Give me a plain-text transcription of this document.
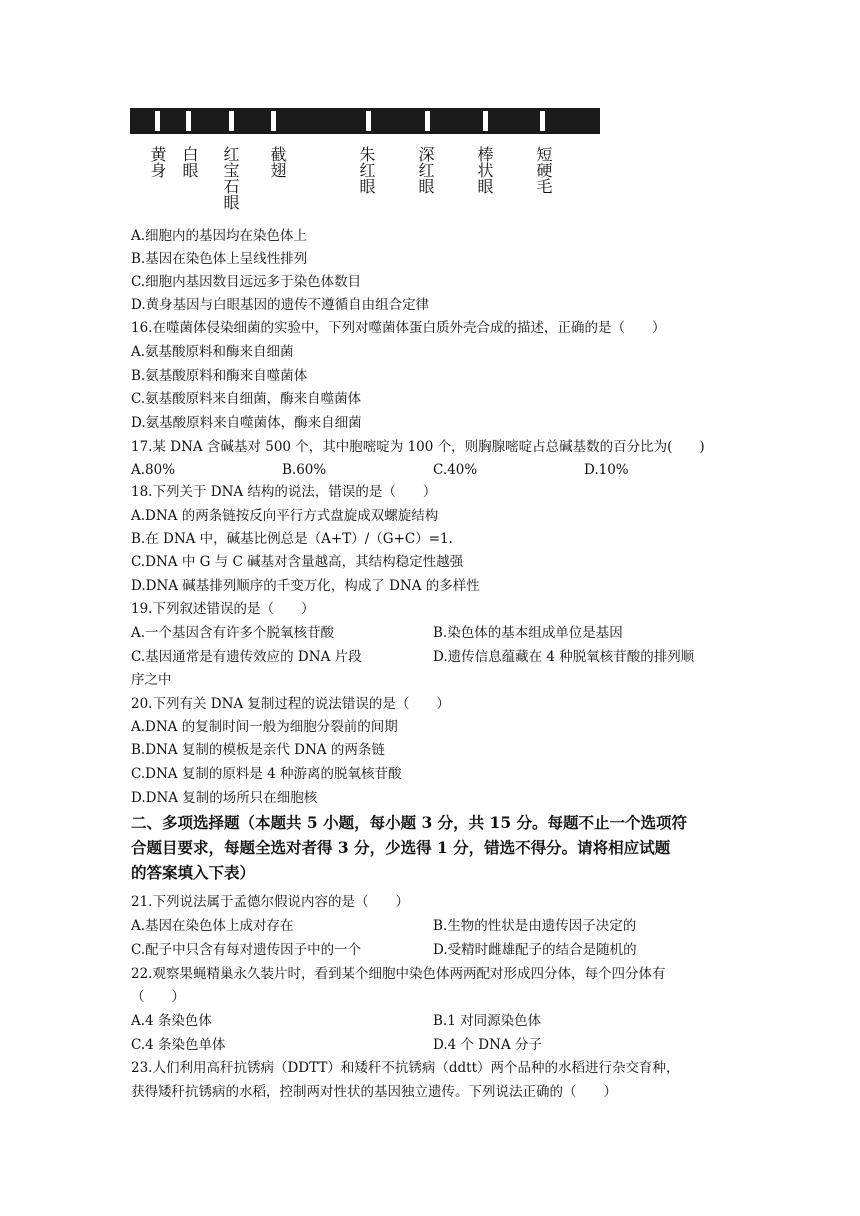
黄身 白眼 红宝石眼 截翅	朱红眼	深红眼	棒状眼	短硬毛
A.细胞内的基因均在染色体上
B.基因在染色体上呈线性排列
C.细胞内基因数目远远多于染色体数目
D.黄身基因与白眼基因的遗传不遵循自由组合定律
16.在噬菌体侵染细菌的实验中，下列对噬菌体蛋白质外壳合成的描述，正确的是（　　）
A.氨基酸原料和酶来自细菌
B.氨基酸原料和酶来自噬菌体
C.氨基酸原料来自细菌，酶来自噬菌体
D.氨基酸原料来自噬菌体，酶来自细菌
17.某 DNA 含碱基对 500 个，其中胞嘧啶为 100 个，则胸腺嘧啶占总碱基数的百分比为(　　)
A.80%	B.60%	C.40%	D.10%
18.下列关于 DNA 结构的说法，错误的是（　　）
A.DNA 的两条链按反向平行方式盘旋成双螺旋结构
B.在 DNA 中，碱基比例总是（A+T）/（G+C）=1.
C.DNA 中 G 与 C 碱基对含量越高，其结构稳定性越强
D.DNA 碱基排列顺序的千变万化，构成了 DNA 的多样性
19.下列叙述错误的是（　　）
A.一个基因含有许多个脱氧核苷酸	B.染色体的基本组成单位是基因
C.基因通常是有遗传效应的 DNA 片段	D.遗传信息蕴藏在 4 种脱氧核苷酸的排列顺
序之中
20.下列有关 DNA 复制过程的说法错误的是（　　）
A.DNA 的复制时间一般为细胞分裂前的间期
B.DNA 复制的模板是亲代 DNA 的两条链
C.DNA 复制的原料是 4 种游离的脱氧核苷酸
D.DNA 复制的场所只在细胞核
二、多项选择题（本题共 5 小题，每小题 3 分，共 15 分。每题不止一个选项符
合题目要求，每题全选对者得 3 分，少选得 1 分，错选不得分。请将相应试题
的答案填入下表）
21.下列说法属于孟德尔假说内容的是（　　）
A.基因在染色体上成对存在	B.生物的性状是由遗传因子决定的
C.配子中只含有每对遗传因子中的一个	D.受精时雌雄配子的结合是随机的
22.观察果蝇精巢永久装片时，看到某个细胞中染色体两两配对形成四分体，每个四分体有
（　　）
A.4 条染色体	B.1 对同源染色体
C.4 条染色单体	D.4 个 DNA 分子
23.人们利用高秆抗锈病（DDTT）和矮秆不抗锈病（ddtt）两个品种的水稻进行杂交育种，
获得矮秆抗锈病的水稻，控制两对性状的基因独立遗传。下列说法正确的（　　）
